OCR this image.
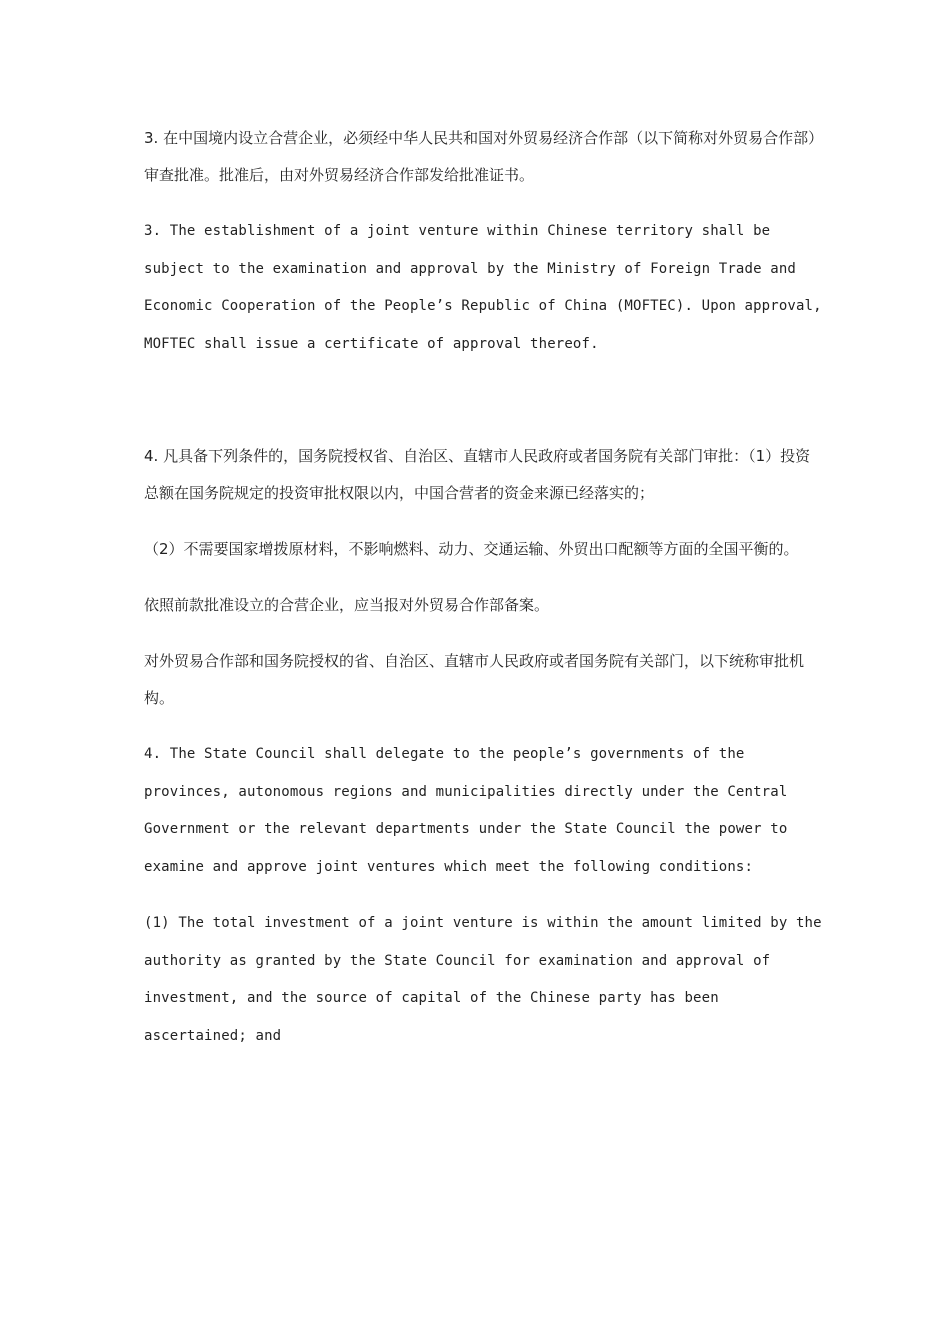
3. 在中国境内设立合营企业，必须经中华人民共和国对外贸易经济合作部（以下简称对外贸易合作部）审查批准。批准后，由对外贸易经济合作部发给批准证书。

3. The establishment of a joint venture within Chinese territory shall be subject to the examination and approval by the Ministry of Foreign Trade and Economic Cooperation of the People’s Republic of China (MOFTEC). Upon approval, MOFTEC shall issue a certificate of approval thereof.

4. 凡具备下列条件的，国务院授权省、自治区、直辖市人民政府或者国务院有关部门审批：（1）投资总额在国务院规定的投资审批权限以内，中国合营者的资金来源已经落实的；

（2）不需要国家增拨原材料，不影响燃料、动力、交通运输、外贸出口配额等方面的全国平衡的。

依照前款批准设立的合营企业，应当报对外贸易合作部备案。

对外贸易合作部和国务院授权的省、自治区、直辖市人民政府或者国务院有关部门，以下统称审批机构。

4. The State Council shall delegate to the people’s governments of the provinces, autonomous regions and municipalities directly under the Central Government or the relevant departments under the State Council the power to examine and approve joint ventures which meet the following conditions:

(1) The total investment of a joint venture is within the amount limited by the authority as granted by the State Council for examination and approval of investment, and the source of capital of the Chinese party has been ascertained; and
